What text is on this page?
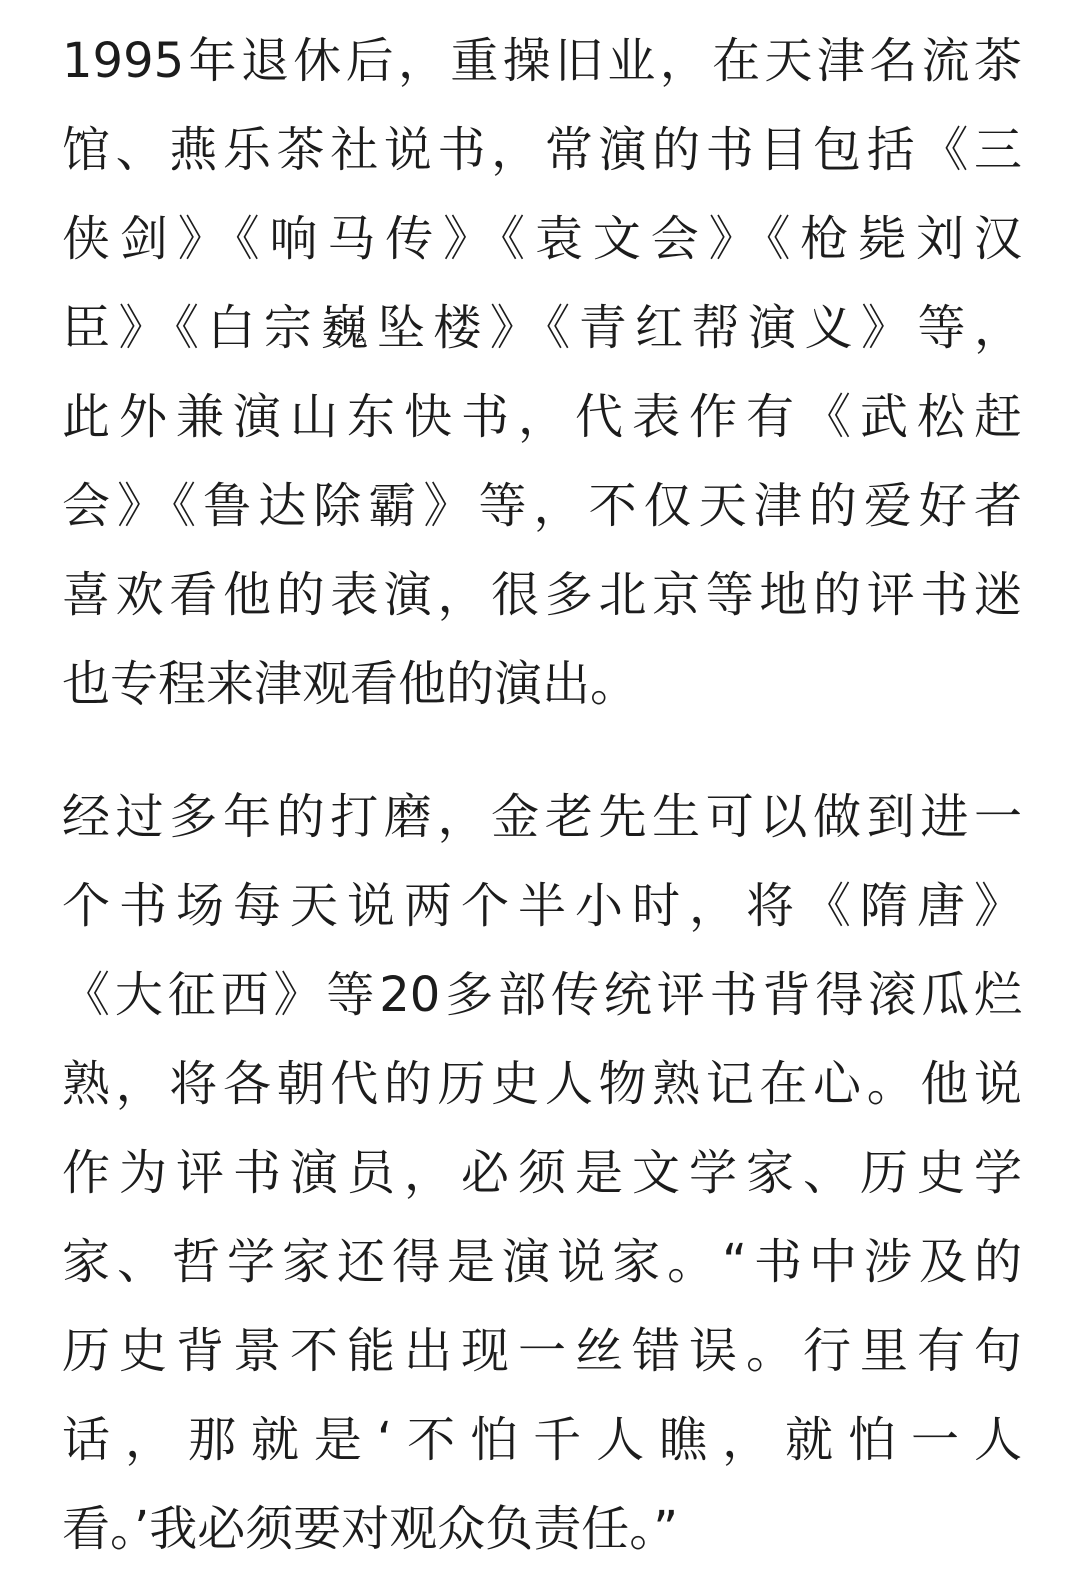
1995年退休后，重操旧业，在天津名流茶
馆、燕乐茶社说书，常演的书目包括《三
侠剑》《响马传》《袁文会》《枪毙刘汉
臣》《白宗巍坠楼》《青红帮演义》等，
此外兼演山东快书，代表作有《武松赶
会》《鲁达除霸》等，不仅天津的爱好者
喜欢看他的表演，很多北京等地的评书迷
也专程来津观看他的演出。
经过多年的打磨，金老先生可以做到进一
个书场每天说两个半小时，将《隋唐》
《大征西》等20多部传统评书背得滚瓜烂
熟，将各朝代的历史人物熟记在心。他说
作为评书演员，必须是文学家、历史学
家、哲学家还得是演说家。“书中涉及的
历史背景不能出现一丝错误。行里有句
话，那就是‘不怕千人瞧，就怕一人
看。’我必须要对观众负责任。”
